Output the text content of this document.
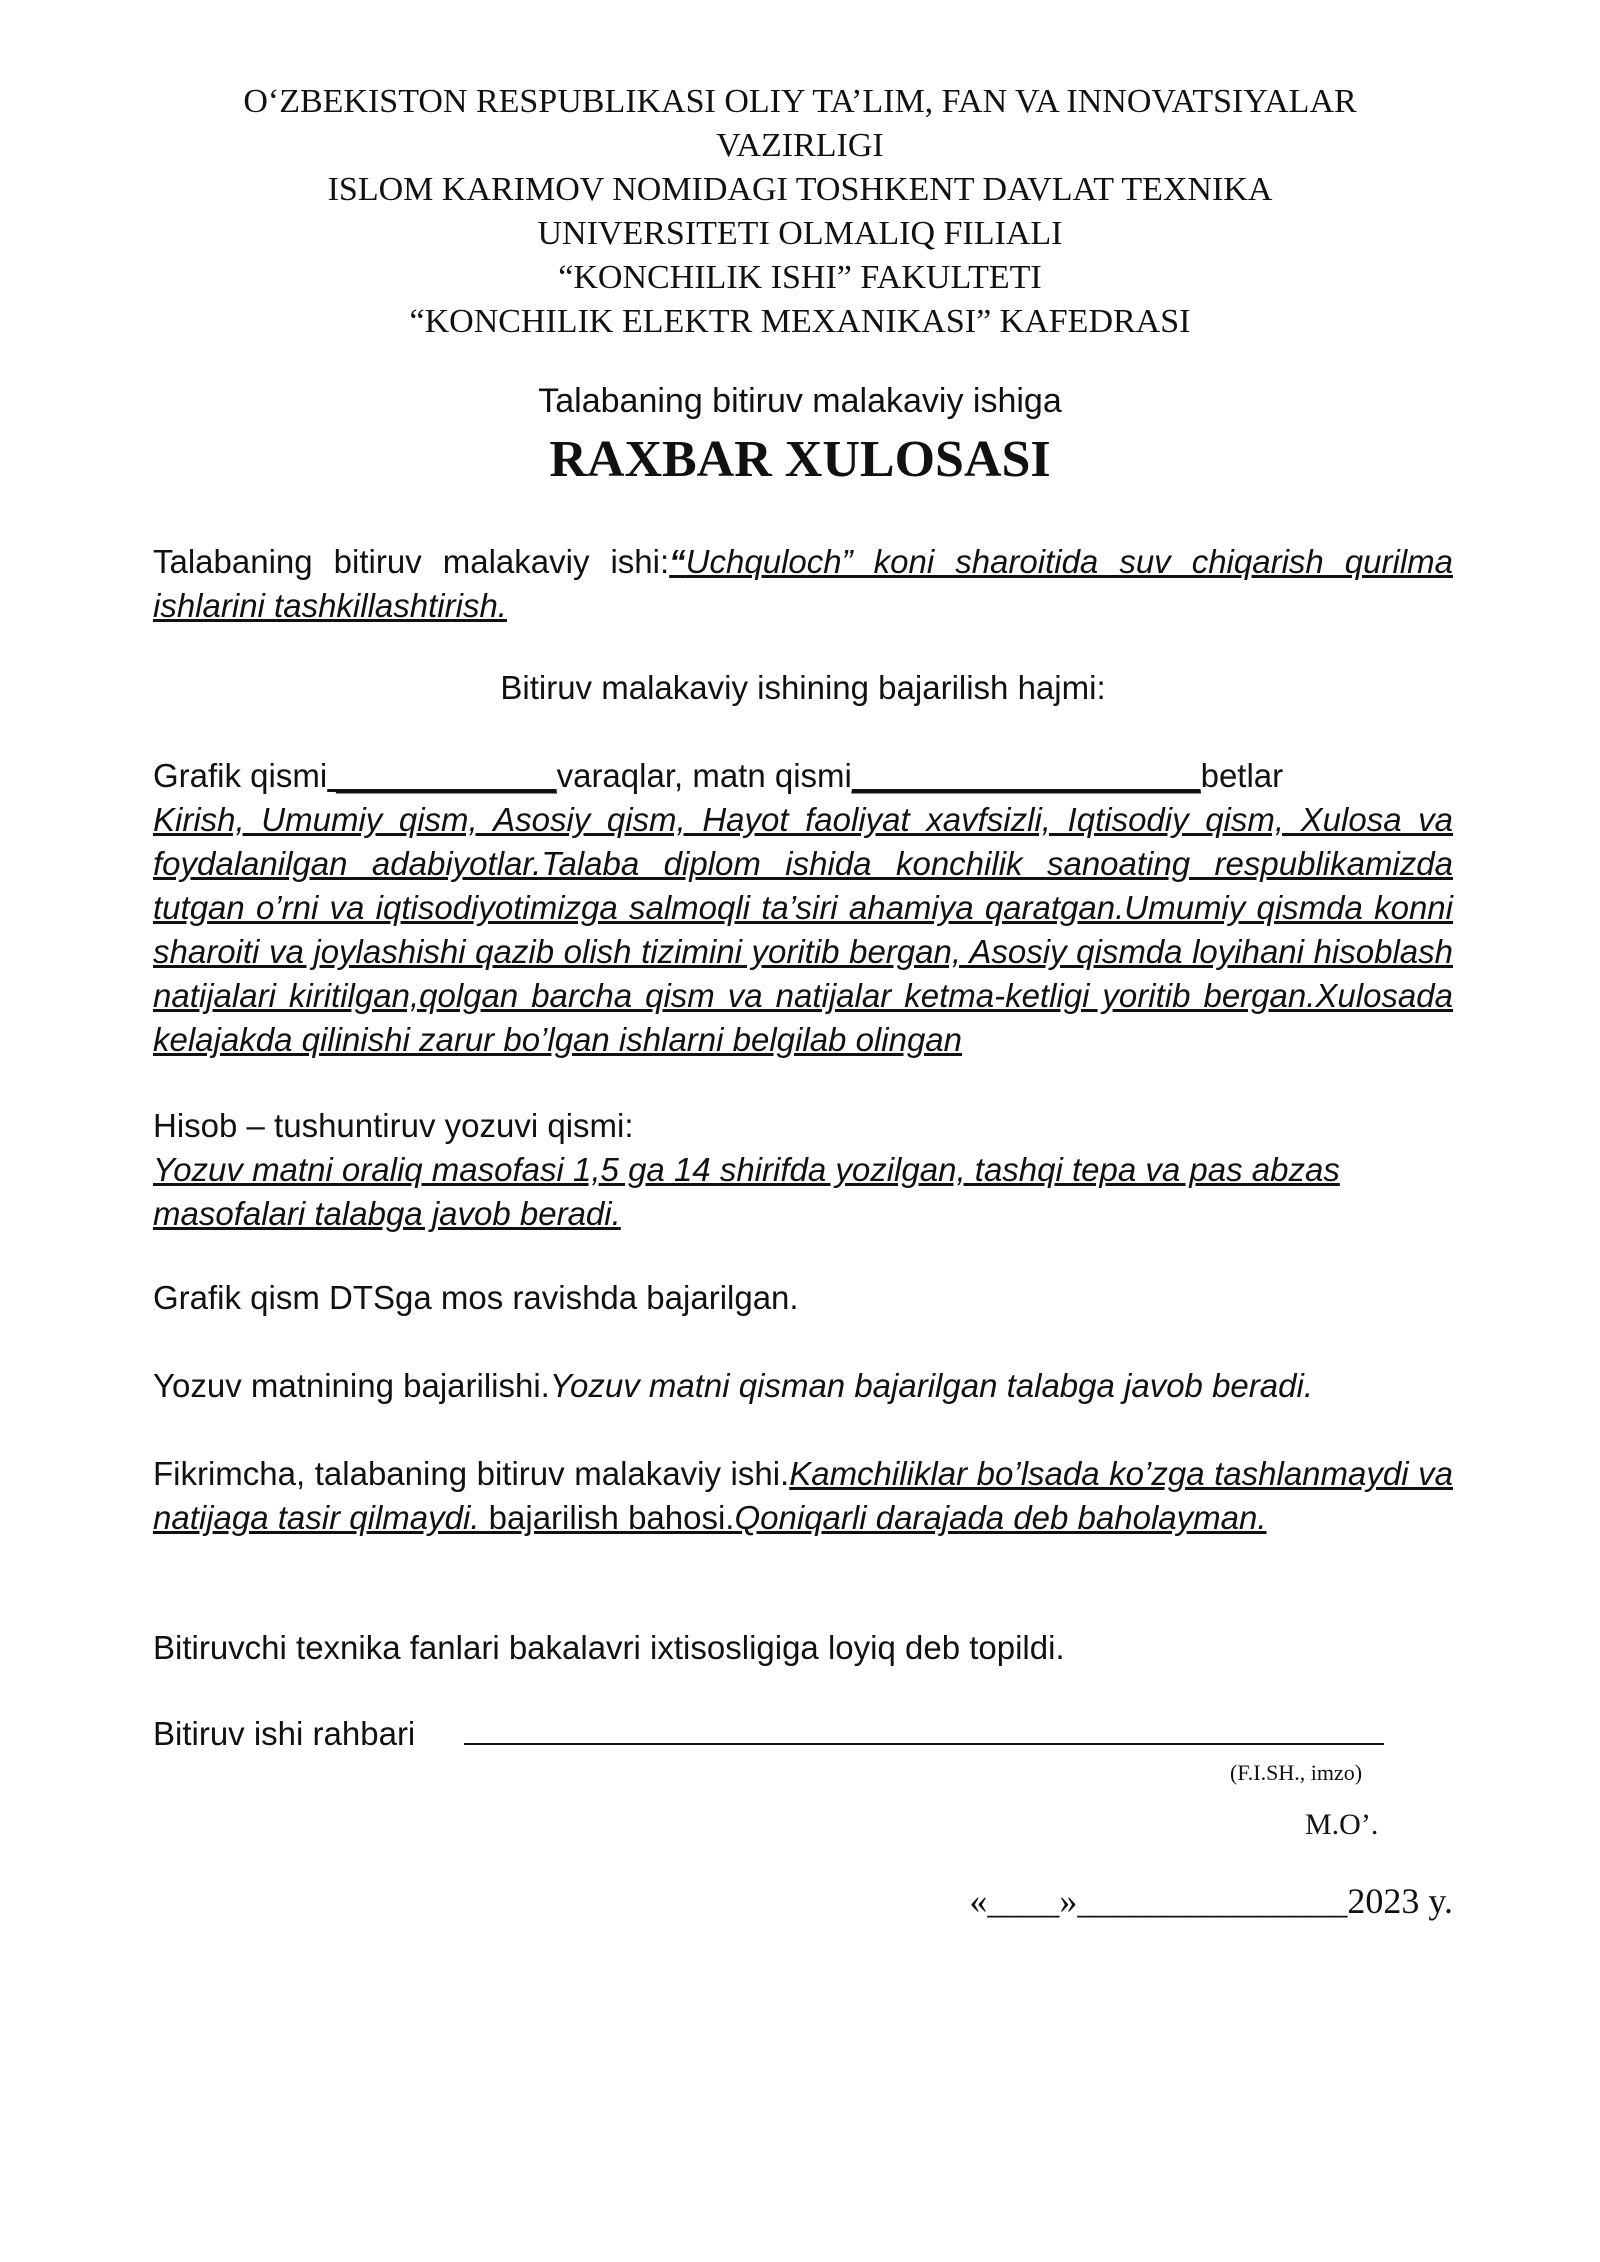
O‘ZBEKISTON RESPUBLIKASI OLIY TA’LIM, FAN VA INNOVATSIYALAR
VAZIRLIGI
ISLOM KARIMOV NOMIDAGI TOSHKENT DAVLAT TEXNIKA
UNIVERSITETI OLMALIQ FILIALI
“KONCHILIK ISHI” FAKULTETI
“KONCHILIK ELEKTR MEXANIKASI” KAFEDRASI
Talabaning bitiruv malakaviy ishiga
RAXBAR XULOSASI
Talabaning bitiruv malakaviy ishi:“Uchquloch” koni sharoitida suv chiqarish qurilma ishlarini tashkillashtirish.
Bitiruv malakaviy ishining bajarilish hajmi:
Grafik qismi ____________varaqlar, matn qismi___________________betlar
Kirish, Umumiy qism, Asosiy qism, Hayot faoliyat xavfsizli, Iqtisodiy qism, Xulosa va foydalanilgan adabiyotlar.Talaba diplom ishida konchilik sanoating respublikamizda tutgan o’rni va iqtisodiyotimizga salmoqli ta’siri ahamiya qaratgan.Umumiy qismda konni sharoiti va joylashishi qazib olish tizimini yoritib bergan, Asosiy qismda loyihani hisoblash natijalari kiritilgan,qolgan barcha qism va natijalar ketma-ketligi yoritib bergan.Xulosada kelajakda qilinishi zarur bo’lgan ishlarni belgilab olingan
Hisob – tushuntiruv yozuvi qismi:
Yozuv matni oraliq masofasi 1,5 ga 14 shirifda yozilgan, tashqi tepa va pas abzas masofalari talabga javob beradi.
Grafik qism DTSga mos ravishda bajarilgan.
Yozuv matnining bajarilishi.Yozuv matni qisman bajarilgan talabga javob beradi.
Fikrimcha, talabaning bitiruv malakaviy ishi.Kamchiliklar bo’lsada ko’zga tashlanmaydi va natijaga tasir qilmaydi. bajarilish bahosi.Qoniqarli darajada deb baholayman.
Bitiruvchi texnika fanlari bakalavri ixtisosligiga loyiq deb topildi.
Bitiruv ishi rahbari
(F.I.SH., imzo)
M.O’.
«____»_______________2023 y.
